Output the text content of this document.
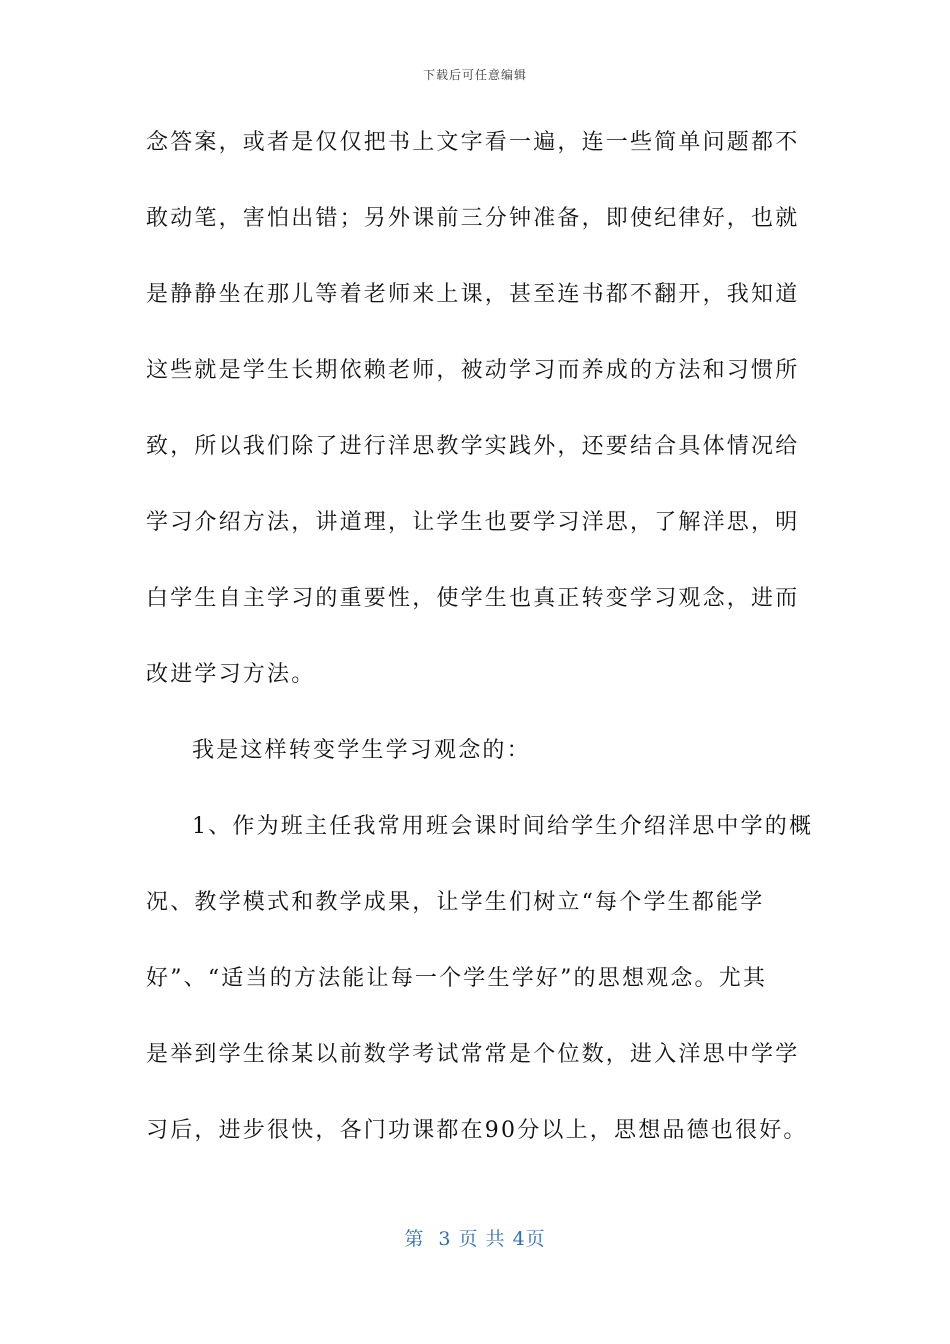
下载后可任意编辑
念答案，或者是仅仅把书上文字看一遍，连一些简单问题都不
敢动笔，害怕出错；另外课前三分钟准备，即使纪律好，也就
是静静坐在那儿等着老师来上课，甚至连书都不翻开，我知道
这些就是学生长期依赖老师，被动学习而养成的方法和习惯所
致，所以我们除了进行洋思教学实践外，还要结合具体情况给
学习介绍方法，讲道理，让学生也要学习洋思，了解洋思，明
白学生自主学习的重要性，使学生也真正转变学习观念，进而
改进学习方法。
我是这样转变学生学习观念的：
1、作为班主任我常用班会课时间给学生介绍洋思中学的概
况、教学模式和教学成果，让学生们树立“每个学生都能学
好”、“适当的方法能让每一个学生学好”的思想观念。尤其
是举到学生徐某以前数学考试常常是个位数，进入洋思中学学
习后，进步很快，各门功课都在90分以上，思想品德也很好。
第  3 页 共 4页
